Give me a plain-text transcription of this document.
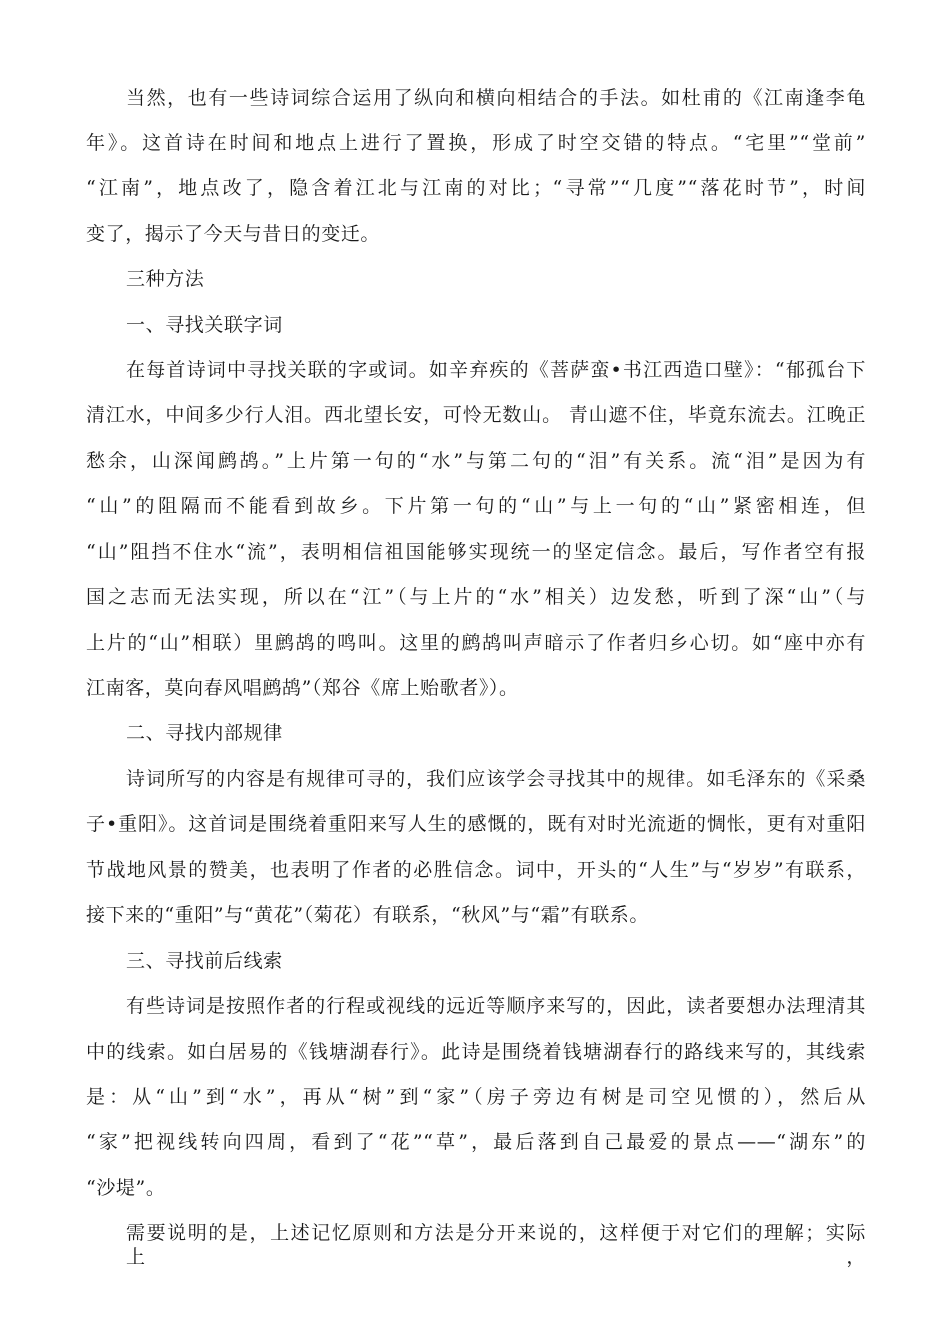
当然，也有一些诗词综合运用了纵向和横向相结合的手法。如杜甫的《江南逢李龟
年》。这首诗在时间和地点上进行了置换，形成了时空交错的特点。“宅里”“堂前”
“江南”，地点改了，隐含着江北与江南的对比；“寻常”“几度”“落花时节”，时间
变了，揭示了今天与昔日的变迁。
三种方法
一、寻找关联字词
在每首诗词中寻找关联的字或词。如辛弃疾的《菩萨蛮•书江西造口壁》：“郁孤台下
清江水，中间多少行人泪。西北望长安，可怜无数山。 青山遮不住，毕竟东流去。江晚正
愁余，山深闻鹧鸪。”上片第一句的“水”与第二句的“泪”有关系。流“泪”是因为有
“山”的阻隔而不能看到故乡。下片第一句的“山”与上一句的“山”紧密相连，但
“山”阻挡不住水“流”，表明相信祖国能够实现统一的坚定信念。最后，写作者空有报
国之志而无法实现，所以在“江”（与上片的“水”相关）边发愁，听到了深“山”（与
上片的“山”相联）里鹧鸪的鸣叫。这里的鹧鸪叫声暗示了作者归乡心切。如“座中亦有
江南客，莫向春风唱鹧鸪”（郑谷《席上贻歌者》）。
二、寻找内部规律
诗词所写的内容是有规律可寻的，我们应该学会寻找其中的规律。如毛泽东的《采桑
子•重阳》。这首词是围绕着重阳来写人生的感慨的，既有对时光流逝的惆怅，更有对重阳
节战地风景的赞美，也表明了作者的必胜信念。词中，开头的“人生”与“岁岁”有联系，
接下来的“重阳”与“黄花”（菊花）有联系，“秋风”与“霜”有联系。
三、寻找前后线索
有些诗词是按照作者的行程或视线的远近等顺序来写的，因此，读者要想办法理清其
中的线索。如白居易的《钱塘湖春行》。此诗是围绕着钱塘湖春行的路线来写的，其线索
是：从“山”到“水”，再从“树”到“家”（房子旁边有树是司空见惯的），然后从
“家”把视线转向四周，看到了“花”“草”，最后落到自己最爱的景点——“湖东”的
“沙堤”。
需要说明的是，上述记忆原则和方法是分开来说的，这样便于对它们的理解；实际上，
